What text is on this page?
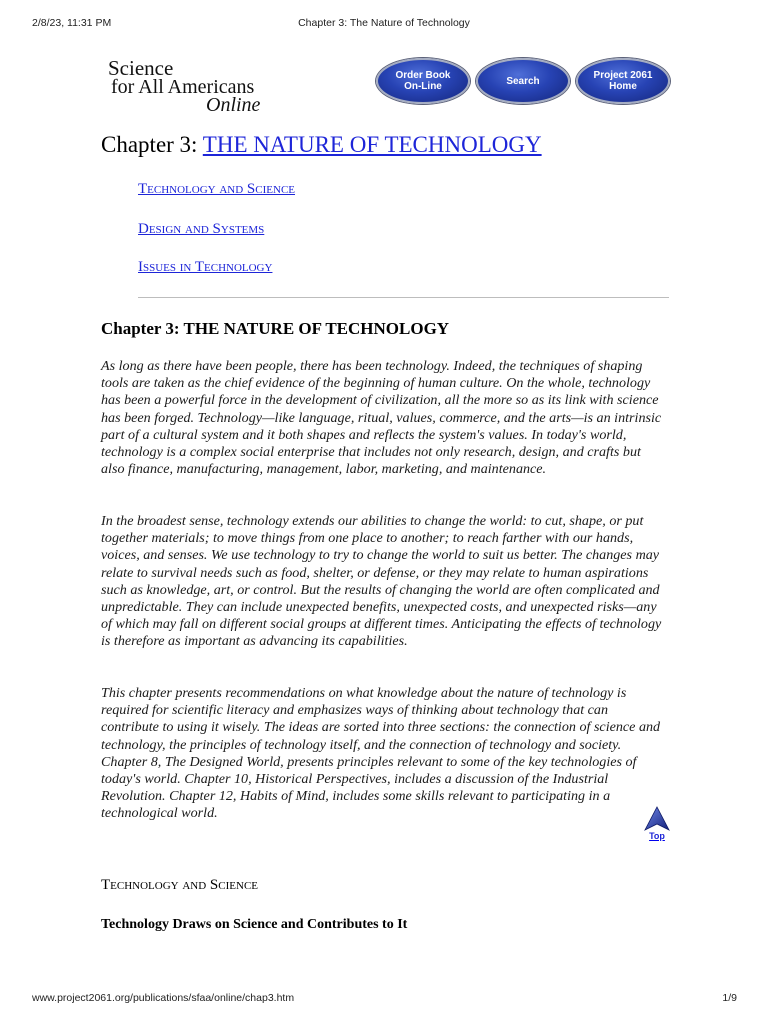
2/8/23, 11:31 PM	Chapter 3: The Nature of Technology
Science
for All Americans
Online
Order Book
On-Line	Search	Project 2061
Home
Chapter 3: THE NATURE OF TECHNOLOGY
Technology and Science
Design and Systems
Issues in Technology
Chapter 3: THE NATURE OF TECHNOLOGY

As long as there have been people, there has been technology. Indeed, the techniques of shaping tools are taken as the chief evidence of the beginning of human culture. On the whole, technology has been a powerful force in the development of civilization, all the more so as its link with science has been forged. Technology—like language, ritual, values, commerce, and the arts—is an intrinsic part of a cultural system and it both shapes and reflects the system's values. In today's world, technology is a complex social enterprise that includes not only research, design, and crafts but also finance, manufacturing, management, labor, marketing, and maintenance.

In the broadest sense, technology extends our abilities to change the world: to cut, shape, or put together materials; to move things from one place to another; to reach farther with our hands, voices, and senses. We use technology to try to change the world to suit us better. The changes may relate to survival needs such as food, shelter, or defense, or they may relate to human aspirations such as knowledge, art, or control. But the results of changing the world are often complicated and unpredictable. They can include unexpected benefits, unexpected costs, and unexpected risks—any of which may fall on different social groups at different times. Anticipating the effects of technology is therefore as important as advancing its capabilities.

This chapter presents recommendations on what knowledge about the nature of technology is required for scientific literacy and emphasizes ways of thinking about technology that can contribute to using it wisely. The ideas are sorted into three sections: the connection of science and technology, the principles of technology itself, and the connection of technology and society. Chapter 8, The Designed World, presents principles relevant to some of the key technologies of today's world. Chapter 10, Historical Perspectives, includes a discussion of the Industrial Revolution. Chapter 12, Habits of Mind, includes some skills relevant to participating in a technological world.

Top
Technology and Science
Technology Draws on Science and Contributes to It
www.project2061.org/publications/sfaa/online/chap3.htm	1/9
